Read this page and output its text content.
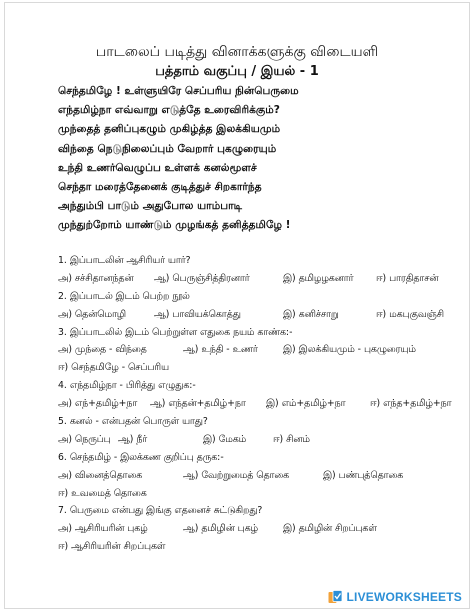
பாடலைப் படித்து வினாக்களுக்கு விடையளி
பத்தாம் வகுப்பு / இயல் - 1
செந்தமிழே ! உள்ளுயிரே செப்பரிய நின்பெருமை
எந்தமிழ்நா எவ்வாறு எடுத்தே உரைவிரிக்கும்?
முந்தைத் தனிப்புகழும் முகிழ்த்த இலக்கியமும்
விந்தை நெடுநிலைப்பும் வேறார் புகழுரையும்
உந்தி உணர்வெழுப்ப உள்ளக் கனல்மூளச்
செந்தா மரைத்தேனைக் குடித்துச் சிறகார்ந்த
அந்தும்பி பாடும் அதுபோல யாம்பாடி
முந்துற்றோம் யாண்டும் முழங்கத் தனித்தமிழே !
1. இப்பாடலின் ஆசிரியர் யார்?
அ) சச்சிதானந்தன் ஆ) பெருஞ்சித்திரனார்	இ) தமிழழகனார் ஈ) பாரதிதாசன்
2. இப்பாடல் இடம் பெற்ற நூல்
அ) தென்மொழி	ஆ) பாவியக்கொத்து	இ) கனிச்சாறு	ஈ) மகபுகுவஞ்சி
3. இப்பாடலில் இடம் பெற்றுள்ள எதுகை நயம் காண்க:-
அ) முந்தை - விந்தை	ஆ) உந்தி - உணர்	இ) இலக்கியமும் - புகழுரையும்
ஈ) செந்தமிழே - செப்பரிய
4. எந்தமிழ்நா - பிரித்து எழுதுக:-
அ) எந்+தமிழ்+நா ஆ) எந்தன்+தமிழ்+நா இ) எம்+தமிழ்+நா	ஈ) எந்த+தமிழ்+நா
5. கனல் - என்பதன் பொருள் யாது?
அ) நெருப்பு ஆ) நீர்	இ) மேகம்	ஈ) சினம்
6. செந்தமிழ் - இலக்கண குறிப்பு தருக:-
அ) வினைத்தொகை	ஆ) வேற்றுமைத் தொகை	இ) பண்புத்தொகை
ஈ) உவமைத் தொகை
7. பெருமை என்பது இங்கு எதனைச் சுட்டுகிறது?
அ) ஆசிரியரின் புகழ்	ஆ) தமிழின் புகழ்	இ) தமிழின் சிறப்புகள்
ஈ) ஆசிரியரின் சிறப்புகள்
LIVEWORKSHEETS
